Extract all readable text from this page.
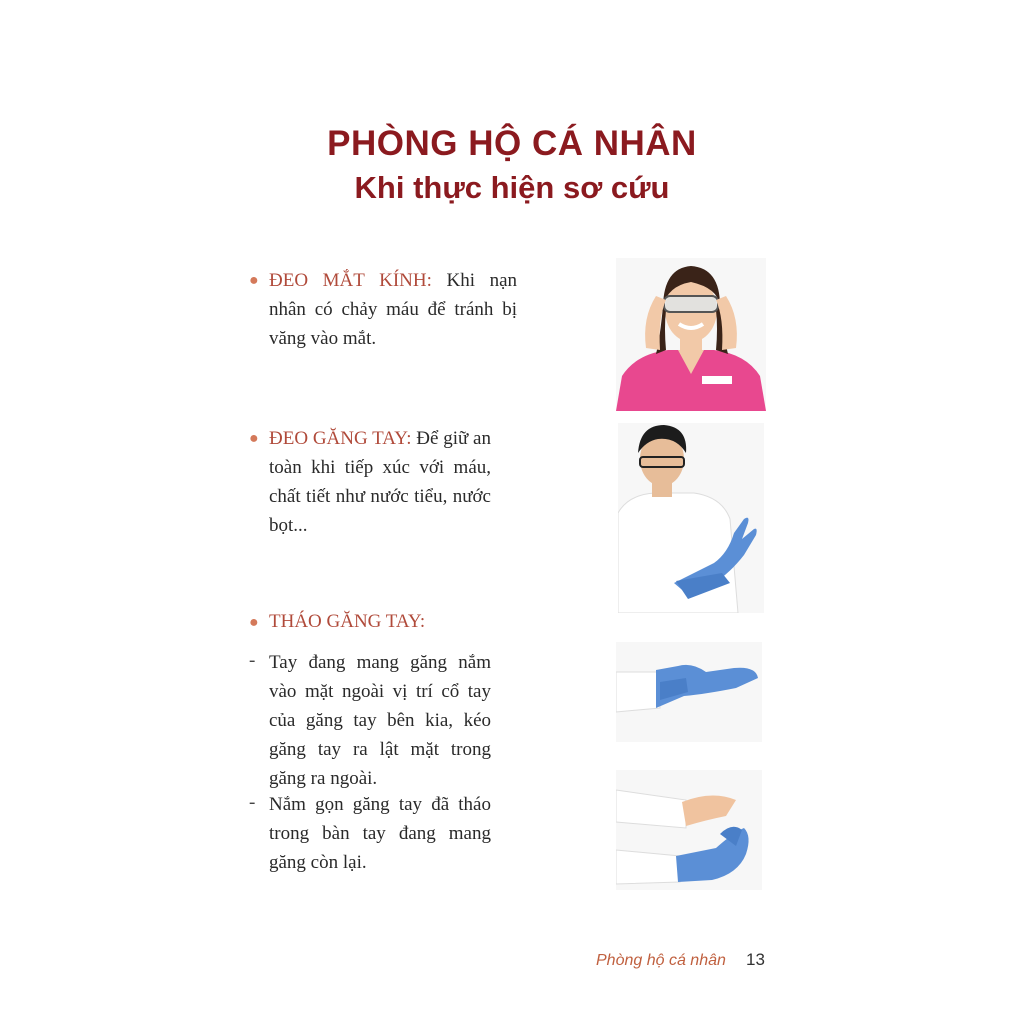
PHÒNG HỘ CÁ NHÂN
Khi thực hiện sơ cứu
● ĐEO MẮT KÍNH: Khi nạn nhân có chảy máu để tránh bị văng vào mắt.
● ĐEO GĂNG TAY: Để giữ an toàn khi tiếp xúc với máu, chất tiết như nước tiểu, nước bọt...
● THÁO GĂNG TAY:
- Tay đang mang găng nắm vào mặt ngoài vị trí cổ tay của găng tay bên kia, kéo găng tay ra lật mặt trong găng ra ngoài.
- Nắm gọn găng tay đã tháo trong bàn tay đang mang găng còn lại.
Phòng hộ cá nhân 13
